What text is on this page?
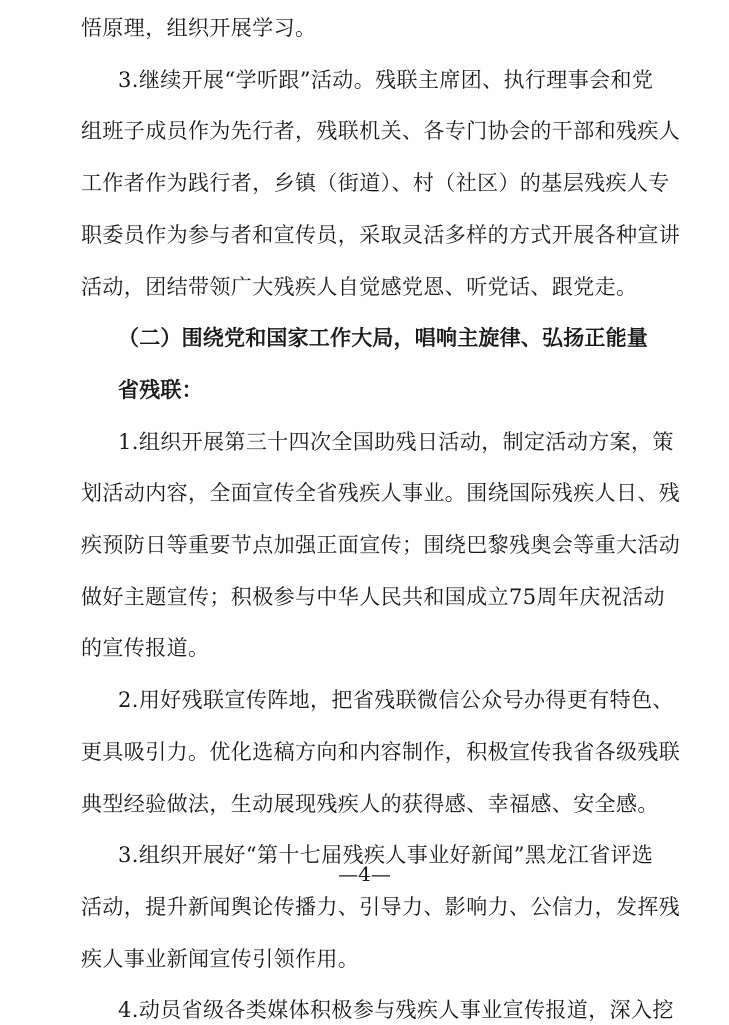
悟原理，组织开展学习。
3.继续开展“学听跟”活动。残联主席团、执行理事会和党
组班子成员作为先行者，残联机关、各专门协会的干部和残疾人
工作者作为践行者，乡镇（街道）、村（社区）的基层残疾人专
职委员作为参与者和宣传员，采取灵活多样的方式开展各种宣讲
活动，团结带领广大残疾人自觉感党恩、听党话、跟党走。
（二）围绕党和国家工作大局，唱响主旋律、弘扬正能量
省残联：
1.组织开展第三十四次全国助残日活动，制定活动方案，策
划活动内容，全面宣传全省残疾人事业。围绕国际残疾人日、残
疾预防日等重要节点加强正面宣传；围绕巴黎残奥会等重大活动
做好主题宣传；积极参与中华人民共和国成立75周年庆祝活动
的宣传报道。
2.用好残联宣传阵地，把省残联微信公众号办得更有特色、
更具吸引力。优化选稿方向和内容制作，积极宣传我省各级残联
典型经验做法，生动展现残疾人的获得感、幸福感、安全感。
3.组织开展好“第十七届残疾人事业好新闻”黑龙江省评选
活动，提升新闻舆论传播力、引导力、影响力、公信力，发挥残
疾人事业新闻宣传引领作用。
4.动员省级各类媒体积极参与残疾人事业宣传报道，深入挖
—4—
